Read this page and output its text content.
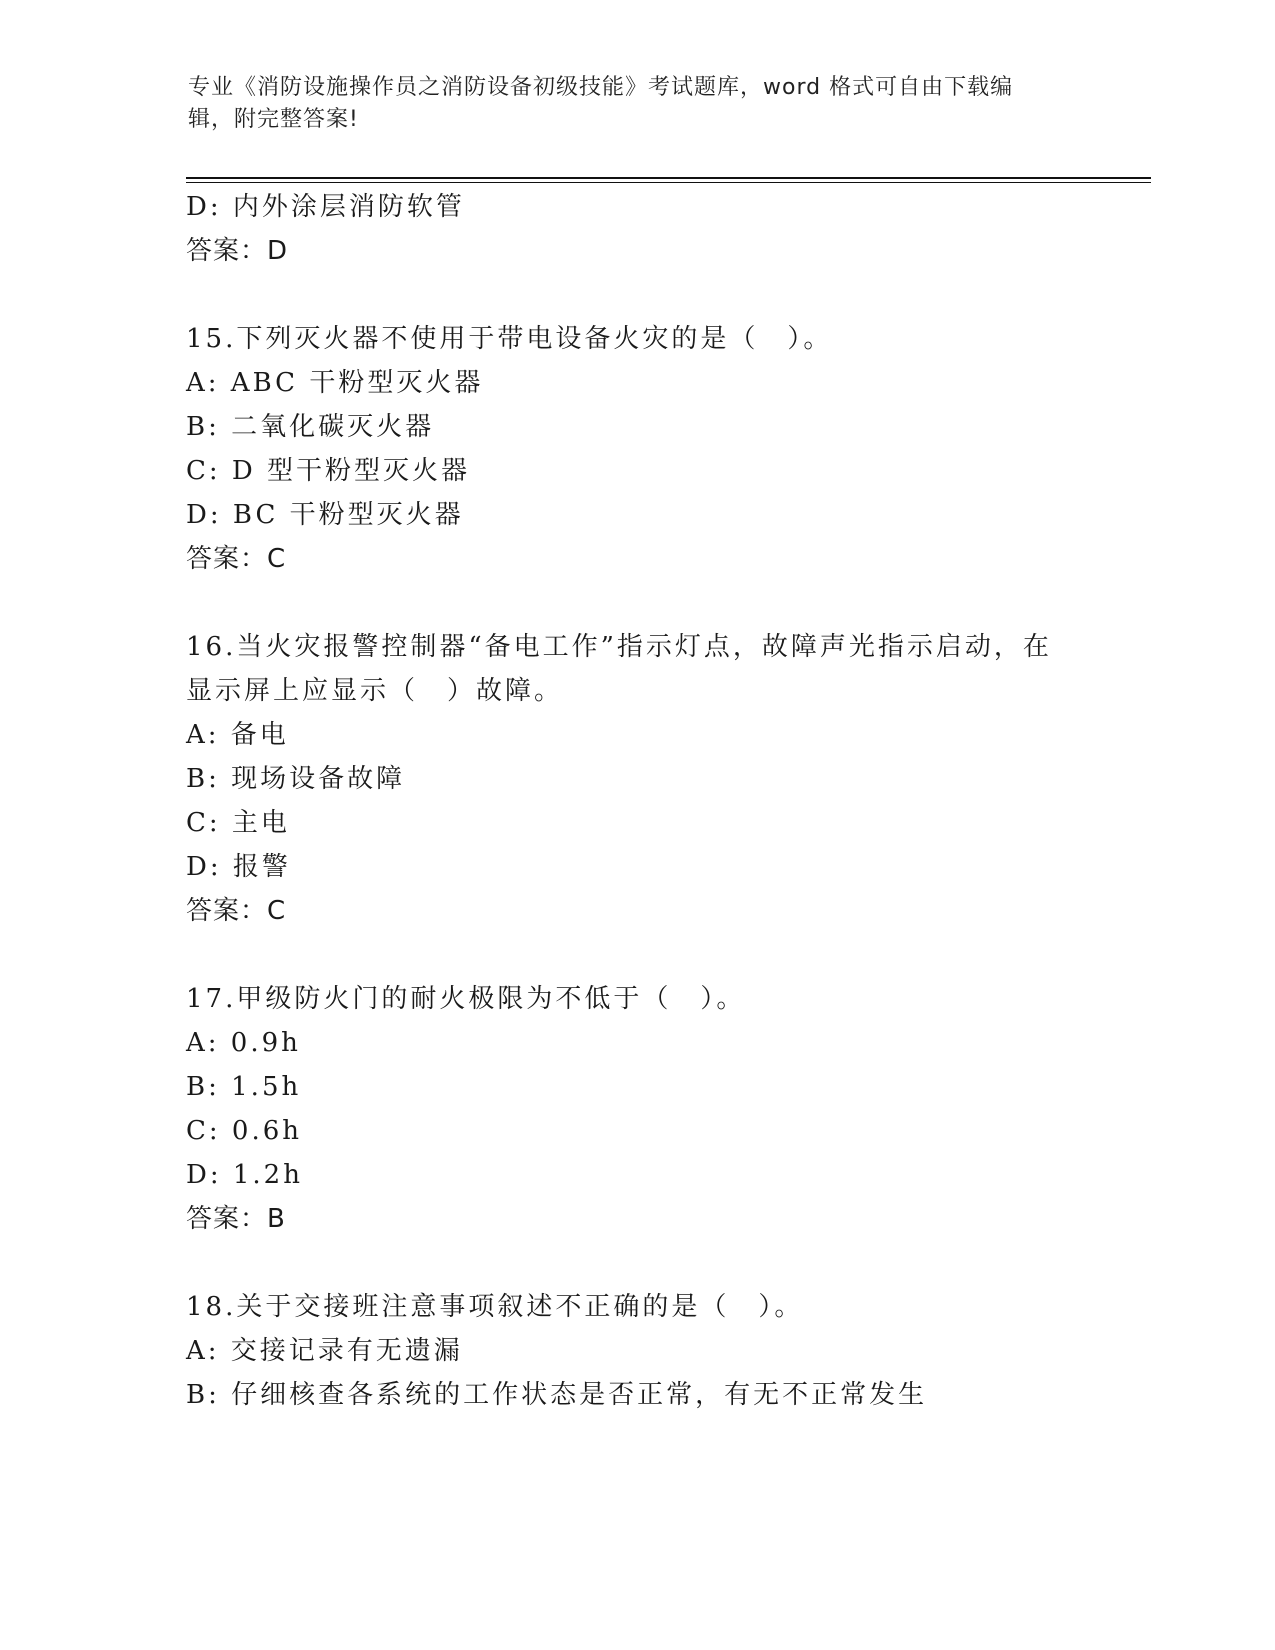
专业《消防设施操作员之消防设备初级技能》考试题库，word 格式可自由下载编
辑，附完整答案!
D: 内外涂层消防软管
答案：D
15.下列灭火器不使用于带电设备火灾的是（　）。
A: ABC 干粉型灭火器
B: 二氧化碳灭火器
C: D 型干粉型灭火器
D: BC 干粉型灭火器
答案：C
16.当火灾报警控制器“备电工作”指示灯点，故障声光指示启动，在
显示屏上应显示（　）故障。
A: 备电
B: 现场设备故障
C: 主电
D: 报警
答案：C
17.甲级防火门的耐火极限为不低于（　）。
A: 0.9h
B: 1.5h
C: 0.6h
D: 1.2h
答案：B
18.关于交接班注意事项叙述不正确的是（　）。
A: 交接记录有无遗漏
B: 仔细核查各系统的工作状态是否正常，有无不正常发生
